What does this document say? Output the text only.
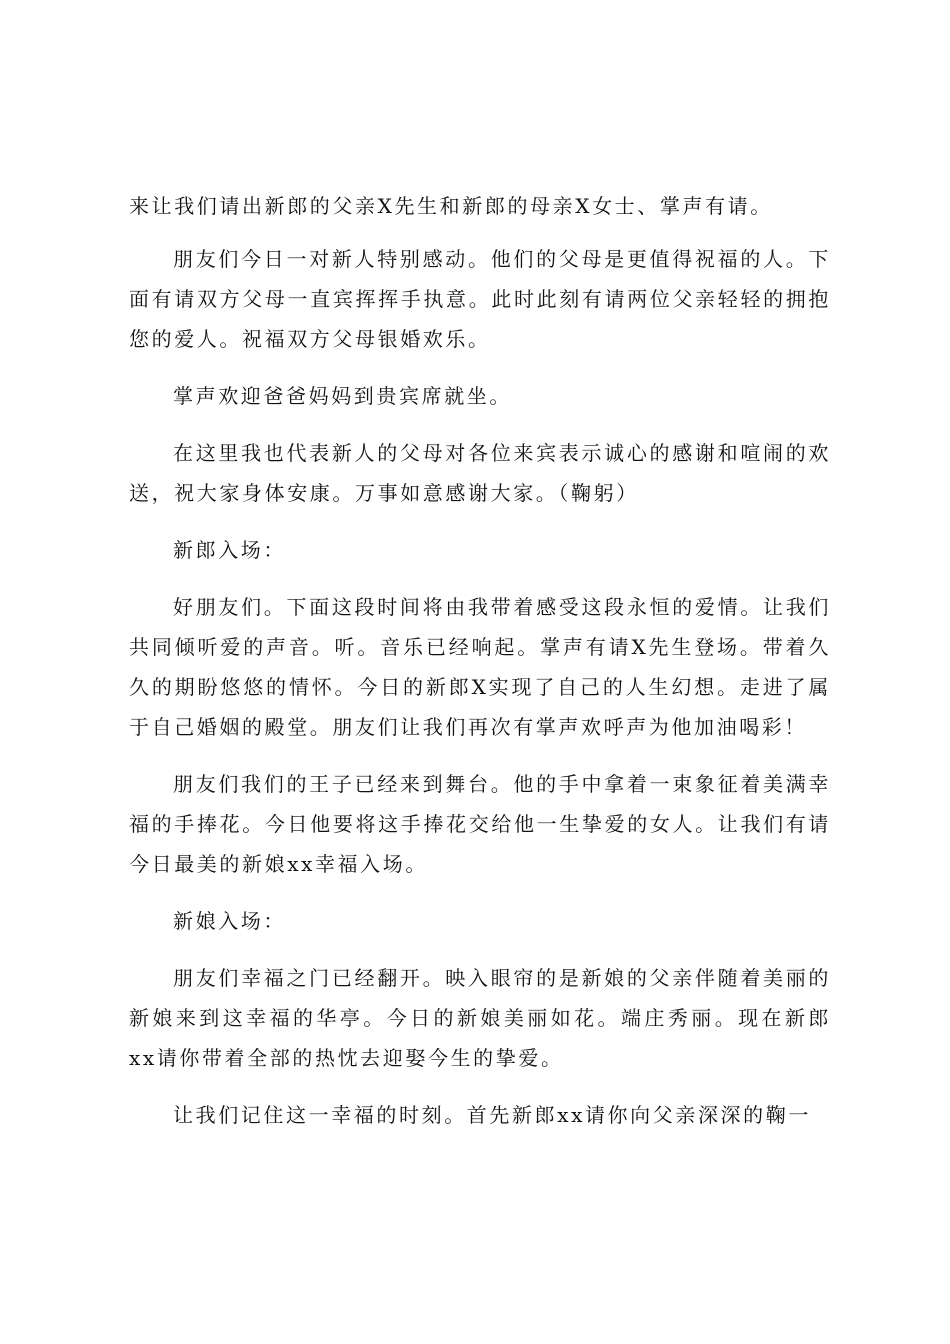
来让我们请出新郎的父亲X先生和新郎的母亲X女士、掌声有请。

朋友们今日一对新人特别感动。他们的父母是更值得祝福的人。下面有请双方父母一直宾挥挥手执意。此时此刻有请两位父亲轻轻的拥抱您的爱人。祝福双方父母银婚欢乐。

掌声欢迎爸爸妈妈到贵宾席就坐。

在这里我也代表新人的父母对各位来宾表示诚心的感谢和喧闹的欢送，祝大家身体安康。万事如意感谢大家。（鞠躬）

新郎入场：

好朋友们。下面这段时间将由我带着感受这段永恒的爱情。让我们共同倾听爱的声音。听。音乐已经响起。掌声有请X先生登场。带着久久的期盼悠悠的情怀。今日的新郎X实现了自己的人生幻想。走进了属于自己婚姻的殿堂。朋友们让我们再次有掌声欢呼声为他加油喝彩！

朋友们我们的王子已经来到舞台。他的手中拿着一束象征着美满幸福的手捧花。今日他要将这手捧花交给他一生挚爱的女人。让我们有请今日最美的新娘xx幸福入场。

新娘入场：

朋友们幸福之门已经翻开。映入眼帘的是新娘的父亲伴随着美丽的新娘来到这幸福的华亭。今日的新娘美丽如花。端庄秀丽。现在新郎xx请你带着全部的热忱去迎娶今生的挚爱。

让我们记住这一幸福的时刻。首先新郎xx请你向父亲深深的鞠一
